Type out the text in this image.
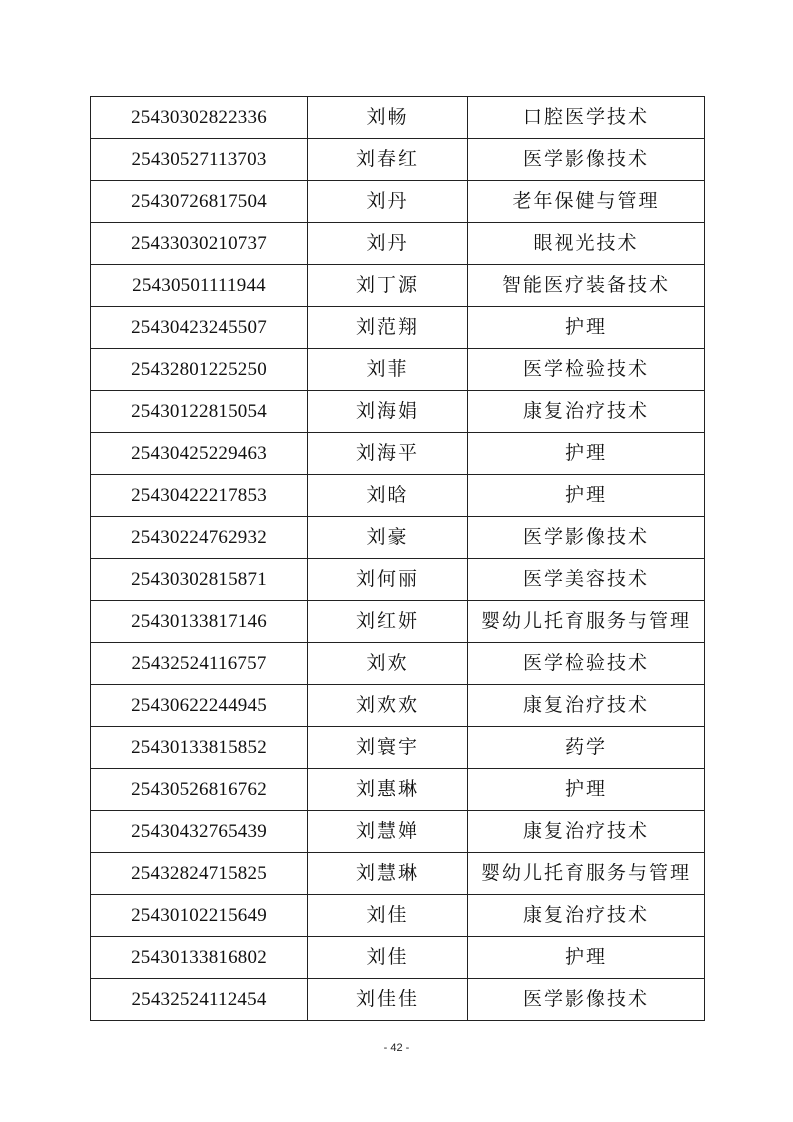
25430302822336	刘畅	口腔医学技术
25430527113703	刘春红	医学影像技术
25430726817504	刘丹	老年保健与管理
25433030210737	刘丹	眼视光技术
25430501111944	刘丁源	智能医疗装备技术
25430423245507	刘范翔	护理
25432801225250	刘菲	医学检验技术
25430122815054	刘海娟	康复治疗技术
25430425229463	刘海平	护理
25430422217853	刘晗	护理
25430224762932	刘豪	医学影像技术
25430302815871	刘何丽	医学美容技术
25430133817146	刘红妍	婴幼儿托育服务与管理
25432524116757	刘欢	医学检验技术
25430622244945	刘欢欢	康复治疗技术
25430133815852	刘寰宇	药学
25430526816762	刘惠琳	护理
25430432765439	刘慧婵	康复治疗技术
25432824715825	刘慧琳	婴幼儿托育服务与管理
25430102215649	刘佳	康复治疗技术
25430133816802	刘佳	护理
25432524112454	刘佳佳	医学影像技术
- 42 -
